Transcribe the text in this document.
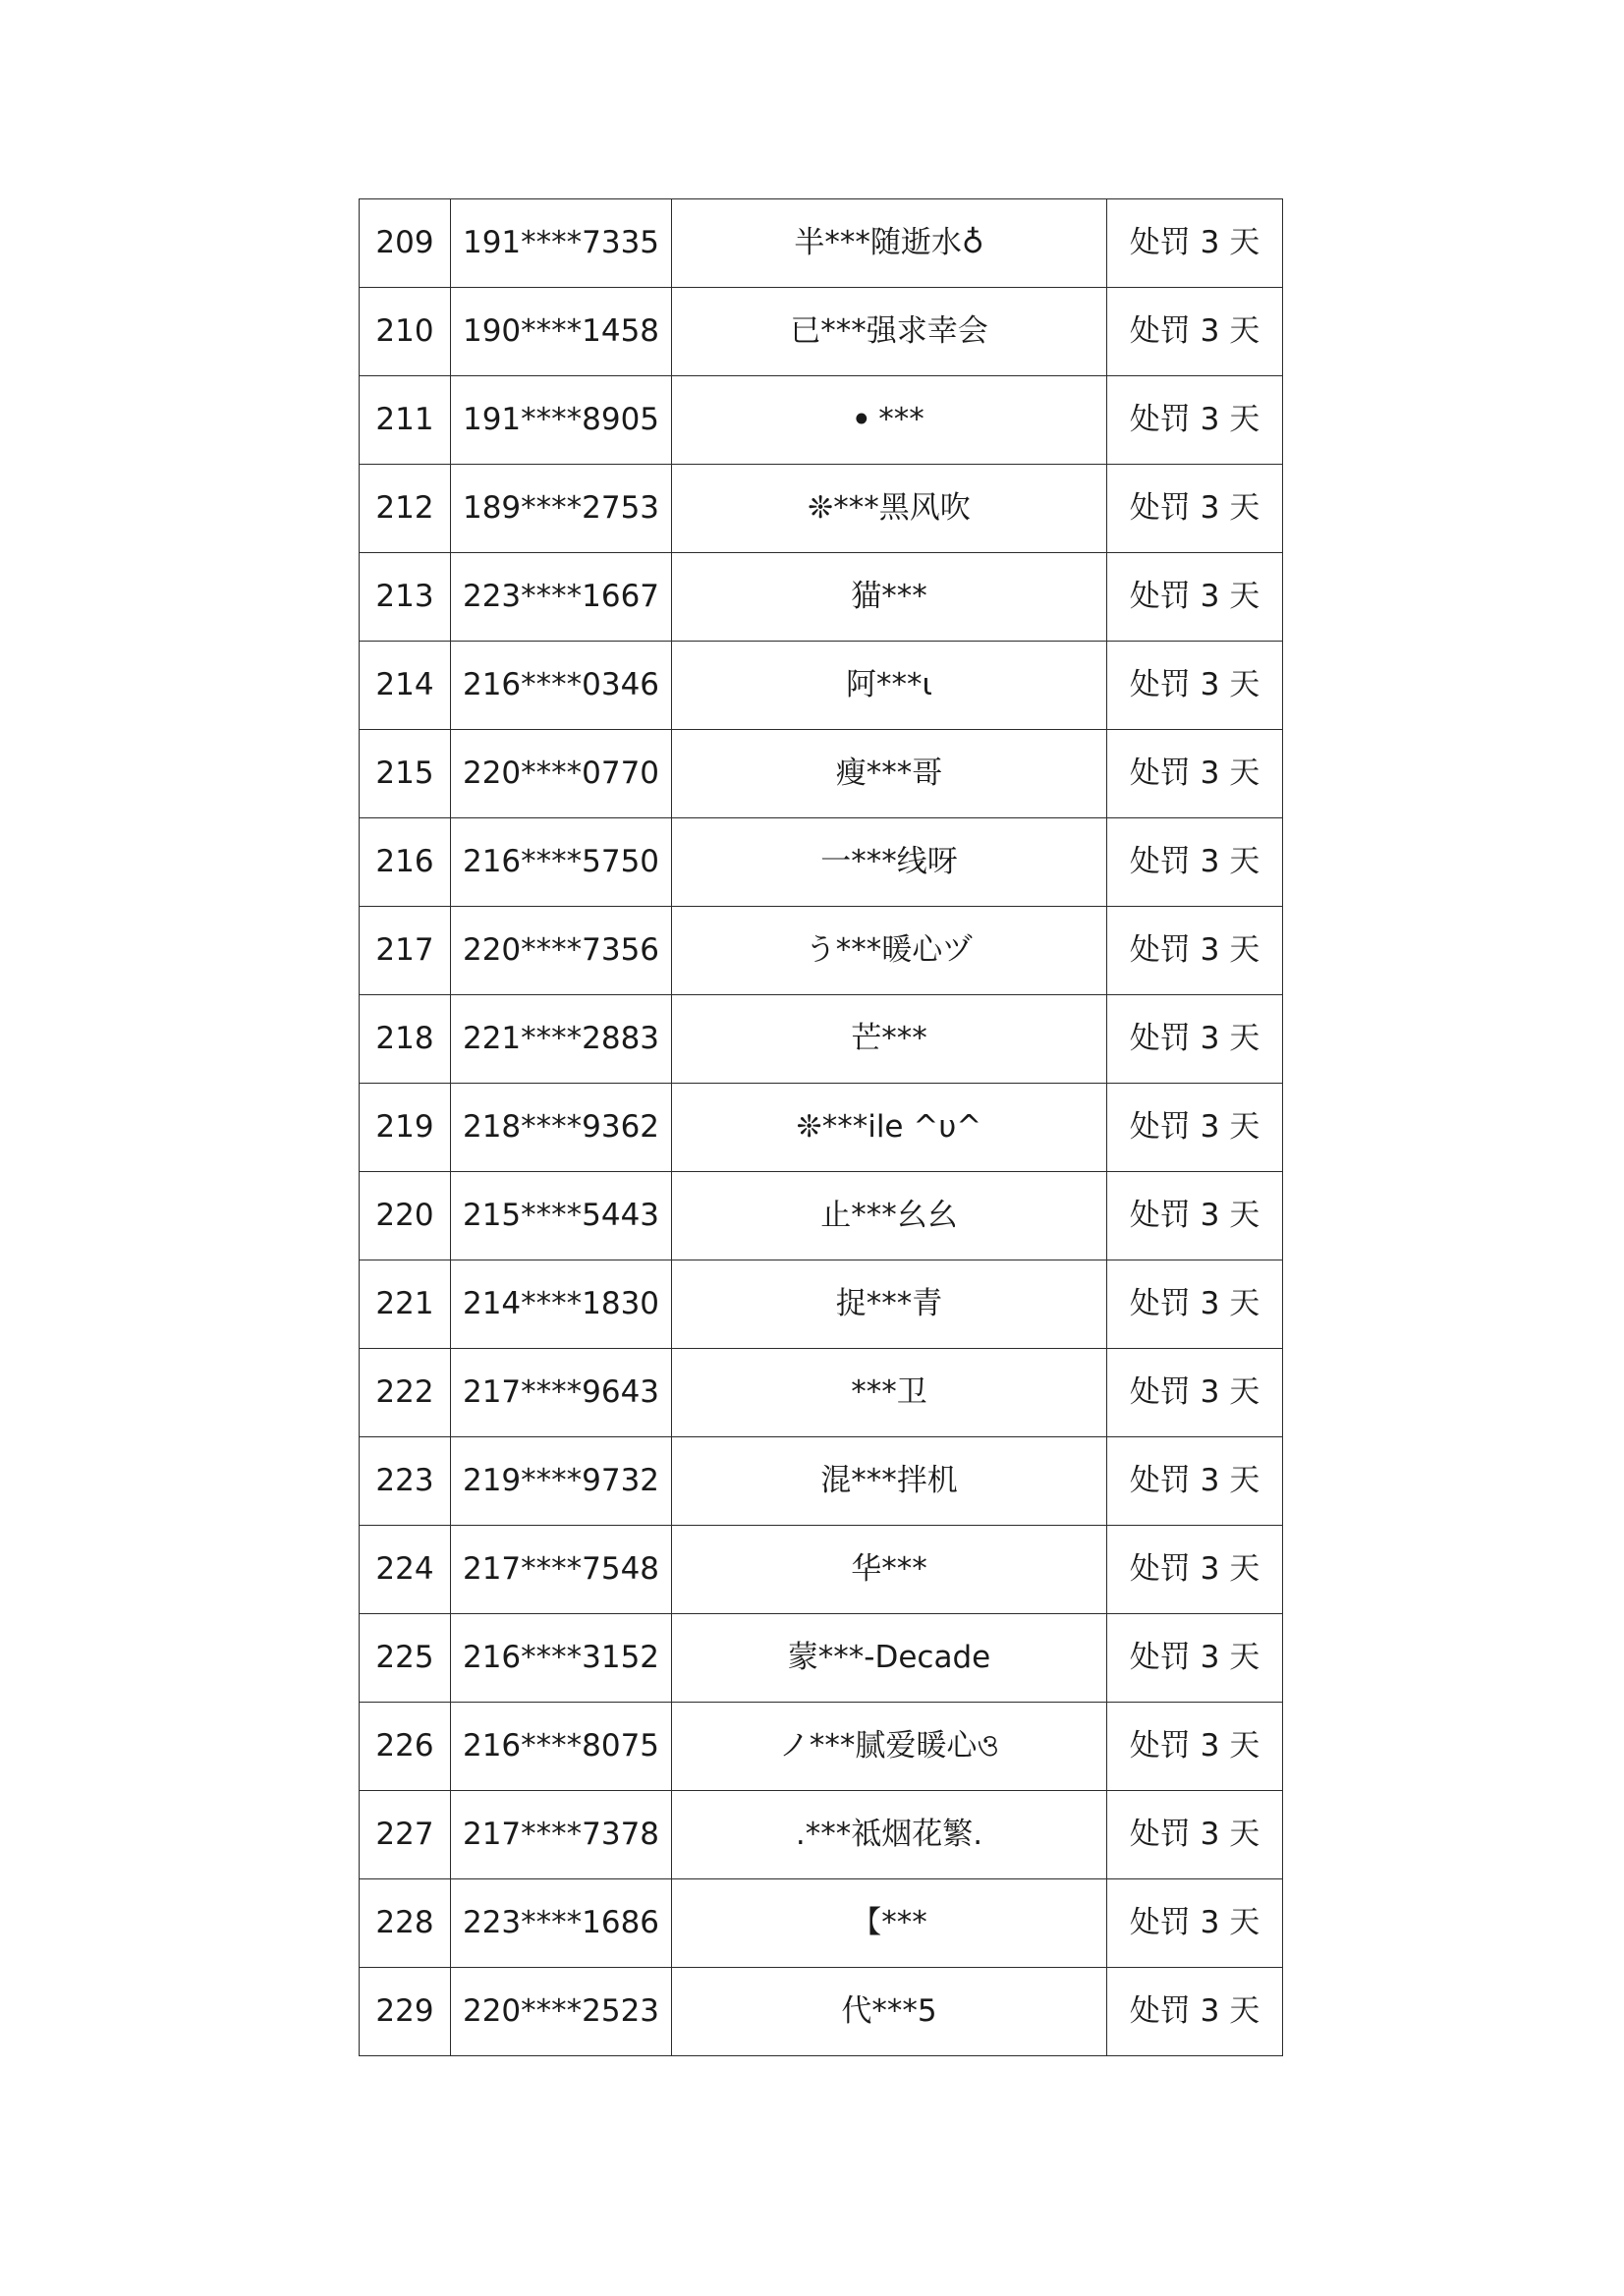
209	191****7335	半***随逝水♁	处罚 3 天
210	190****1458	已***强求幸会	处罚 3 天
211	191****8905	ꔷ ***	处罚 3 天
212	189****2753	❊***黑风吹	处罚 3 天
213	223****1667	猫***	处罚 3 天
214	216****0346	阿***ι	处罚 3 天
215	220****0770	瘦***哥	处罚 3 天
216	216****5750	一***线呀	处罚 3 天
217	220****7356	う***暖心ヅ	处罚 3 天
218	221****2883	芒***	处罚 3 天
219	218****9362	❊***ile ^υ^	处罚 3 天
220	215****5443	止***幺幺	处罚 3 天
221	214****1830	捉***青	处罚 3 天
222	217****9643	***卫	处罚 3 天
223	219****9732	混***拌机	处罚 3 天
224	217****7548	华***	处罚 3 天
225	216****3152	蒙***-Decade	处罚 3 天
226	216****8075	ノ***腻爱暖心ও	处罚 3 天
227	217****7378	.***祗烟花繁.	处罚 3 天
228	223****1686	【***	处罚 3 天
229	220****2523	代***5	处罚 3 天
